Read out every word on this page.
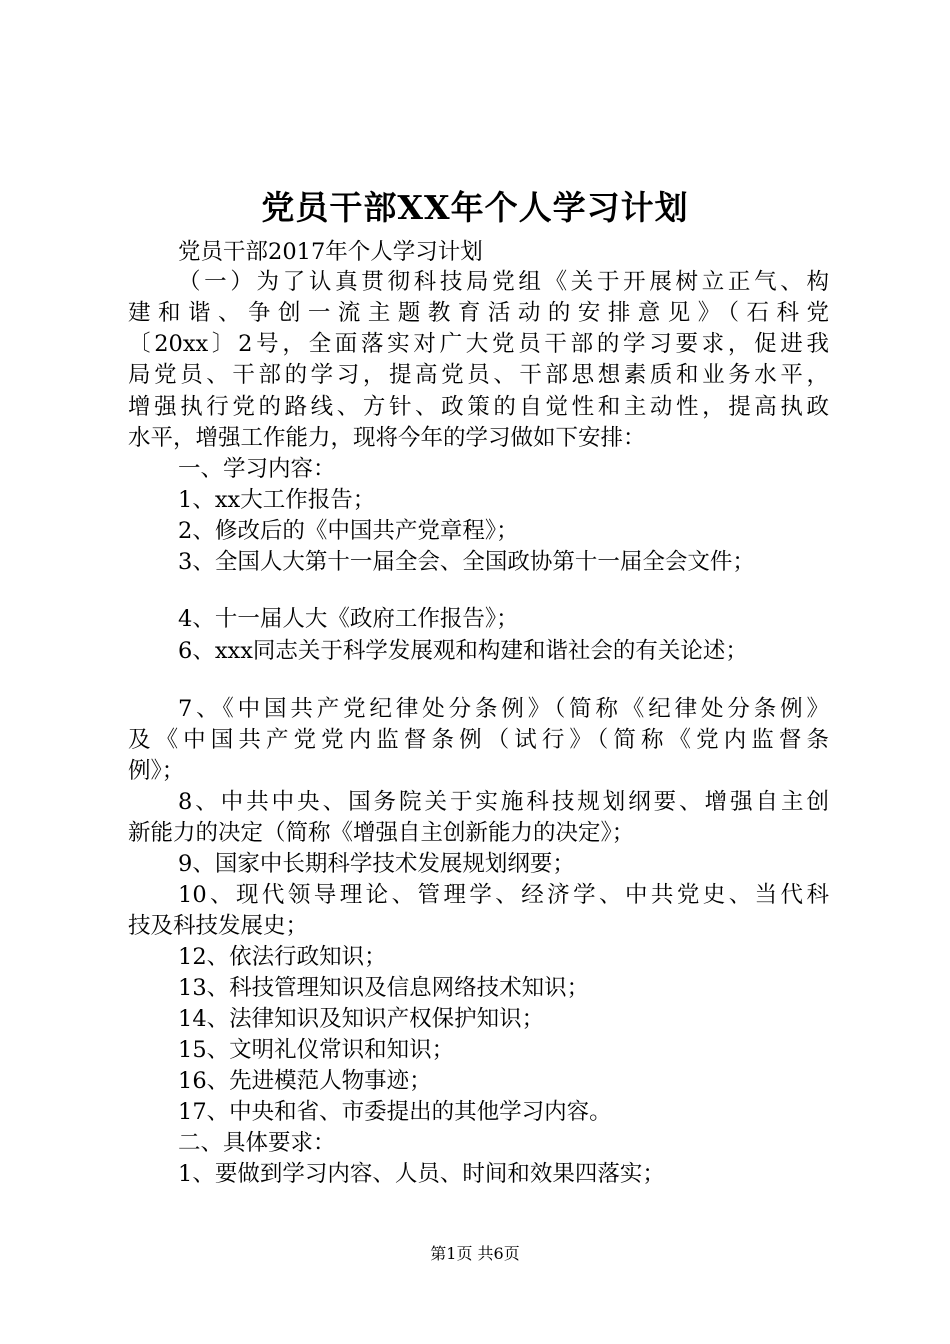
党员干部XX年个人学习计划
党员干部2017年个人学习计划
（一）为了认真贯彻科技局党组《关于开展树立正气、构
建和谐、争创一流主题教育活动的安排意见》（石科党
〔20xx〕2号，全面落实对广大党员干部的学习要求，促进我
局党员、干部的学习，提高党员、干部思想素质和业务水平，
增强执行党的路线、方针、政策的自觉性和主动性，提高执政
水平，增强工作能力，现将今年的学习做如下安排：
一、学习内容：
1、xx大工作报告；
2、修改后的《中国共产党章程》；
3、全国人大第十一届全会、全国政协第十一届全会文件；
4、十一届人大《政府工作报告》；
6、xxx同志关于科学发展观和构建和谐社会的有关论述；
7、《中国共产党纪律处分条例》（简称《纪律处分条例》
及《中国共产党党内监督条例（试行》（简称《党内监督条
例》；
8、中共中央、国务院关于实施科技规划纲要、增强自主创
新能力的决定（简称《增强自主创新能力的决定》；
9、国家中长期科学技术发展规划纲要；
10、现代领导理论、管理学、经济学、中共党史、当代科
技及科技发展史；
12、依法行政知识；
13、科技管理知识及信息网络技术知识；
14、法律知识及知识产权保护知识；
15、文明礼仪常识和知识；
16、先进模范人物事迹；
17、中央和省、市委提出的其他学习内容。
二、具体要求：
1、要做到学习内容、人员、时间和效果四落实；
第1页 共6页
